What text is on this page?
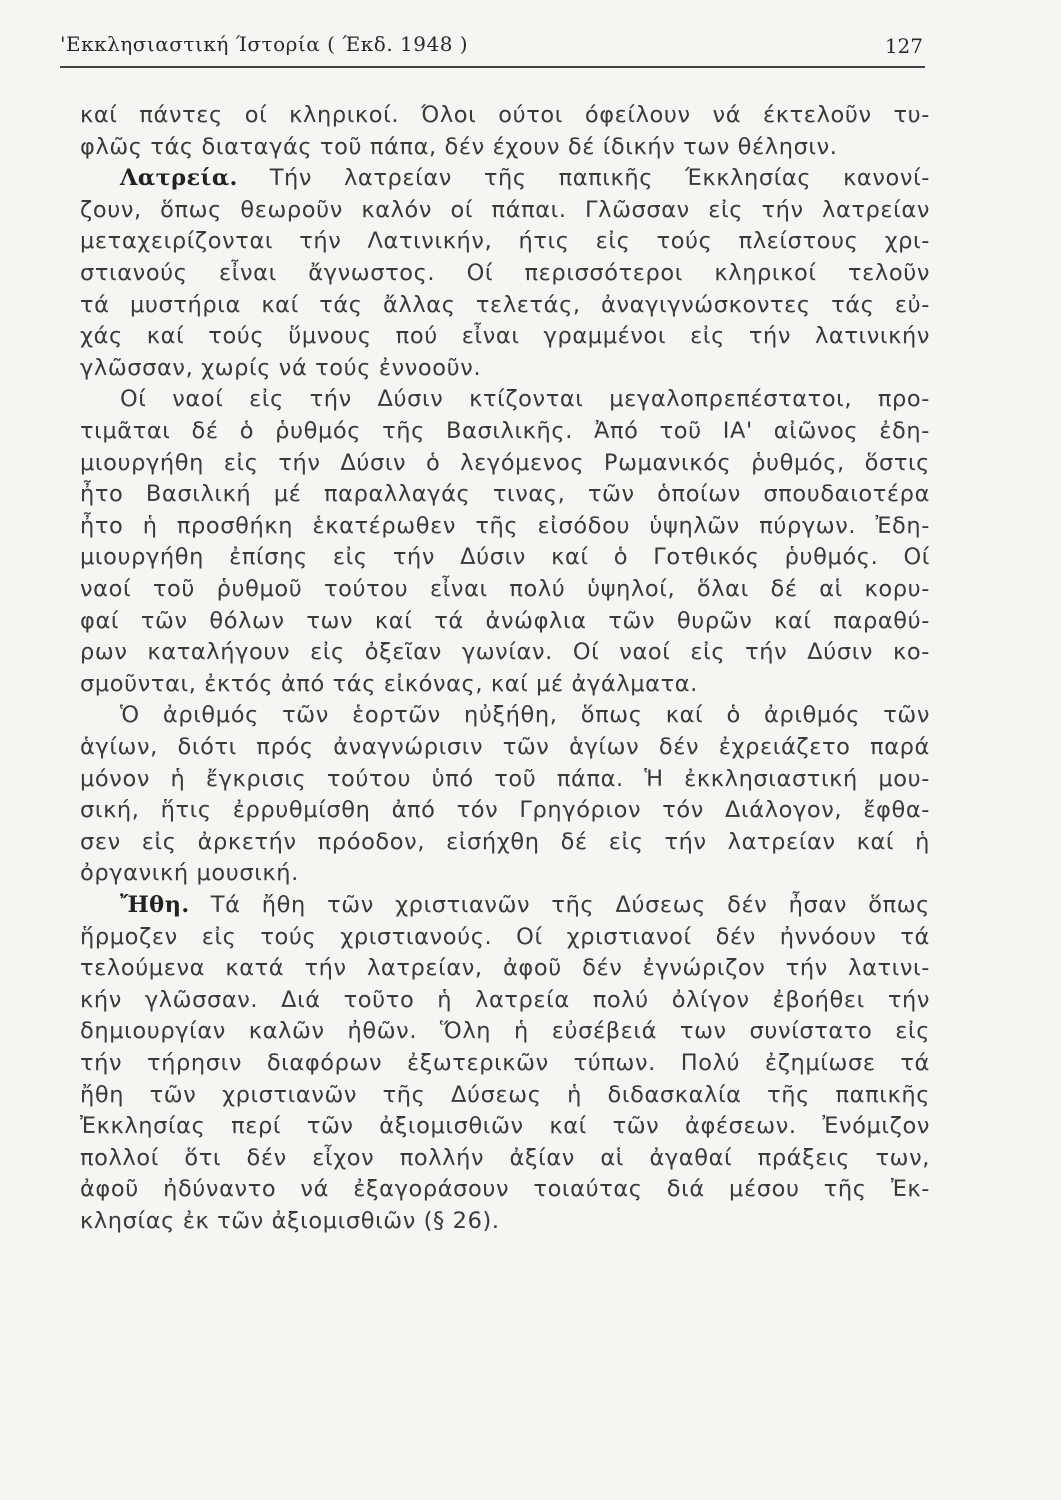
'Εκκλησιαστική Ίστορία ( Έκδ. 1948 )	127
καί πάντες οί κληρικοί. Όλοι ούτοι όφείλουν νά έκτελοῦν τυ-
φλῶς τάς διαταγάς τοῦ πάπα, δέν έχουν δέ ίδικήν των θέλησιν.
Λατρεία. Τήν λατρείαν τῆς παπικῆς Έκκλησίας κανονί-
ζουν, ὅπως θεωροῦν καλόν οί πάπαι. Γλῶσσαν εἰς τήν λατρείαν
μεταχειρίζονται τήν Λατινικήν, ήτις εἰς τούς πλείστους χρι-
στιανούς εἶναι ἄγνωστος. Οί περισσότεροι κληρικοί τελοῦν
τά μυστήρια καί τάς ἄλλας τελετάς, ἀναγιγνώσκοντες τάς εὐ-
χάς καί τούς ὕμνους πού εἶναι γραμμένοι εἰς τήν λατινικήν
γλῶσσαν, χωρίς νά τούς ἐννοοῦν.
Οί ναοί εἰς τήν Δύσιν κτίζονται μεγαλοπρεπέστατοι, προ-
τιμᾶται δέ ὁ ῥυθμός τῆς Βασιλικῆς. Ἀπό τοῦ ΙΑ' αἰῶνος ἐδη-
μιουργήθη εἰς τήν Δύσιν ὁ λεγόμενος Ρωμανικός ῥυθμός, ὅστις
ἦτο Βασιλική μέ παραλλαγάς τινας, τῶν ὁποίων σπουδαιοτέρα
ἦτο ἡ προσθήκη ἑκατέρωθεν τῆς εἰσόδου ὑψηλῶν πύργων. Ἐδη-
μιουργήθη ἐπίσης εἰς τήν Δύσιν καί ὁ Γοτθικός ῥυθμός. Οί
ναοί τοῦ ῥυθμοῦ τούτου εἶναι πολύ ὑψηλοί, ὅλαι δέ αἱ κορυ-
φαί τῶν θόλων των καί τά ἀνώφλια τῶν θυρῶν καί παραθύ-
ρων καταλήγουν εἰς ὀξεῖαν γωνίαν. Οί ναοί εἰς τήν Δύσιν κο-
σμοῦνται, ἐκτός ἀπό τάς εἰκόνας, καί μέ ἀγάλματα.
Ὁ ἀριθμός τῶν ἑορτῶν ηὐξήθη, ὅπως καί ὁ ἀριθμός τῶν
ἁγίων, διότι πρός ἀναγνώρισιν τῶν ἁγίων δέν ἐχρειάζετο παρά
μόνον ἡ ἔγκρισις τούτου ὑπό τοῦ πάπα. Ἡ ἐκκλησιαστική μου-
σική, ἥτις ἐρρυθμίσθη ἀπό τόν Γρηγόριον τόν Διάλογον, ἔφθα-
σεν εἰς ἀρκετήν πρόοδον, εἰσήχθη δέ εἰς τήν λατρείαν καί ἡ
ὀργανική μουσική.
Ἤθη. Τά ἤθη τῶν χριστιανῶν τῆς Δύσεως δέν ἦσαν ὅπως
ἥρμοζεν εἰς τούς χριστιανούς. Οί χριστιανοί δέν ἠννόουν τά
τελούμενα κατά τήν λατρείαν, ἀφοῦ δέν ἐγνώριζον τήν λατινι-
κήν γλῶσσαν. Διά τοῦτο ἡ λατρεία πολύ ὀλίγον ἐβοήθει τήν
δημιουργίαν καλῶν ἠθῶν. Ὅλη ἡ εὐσέβειά των συνίστατο εἰς
τήν τήρησιν διαφόρων ἐξωτερικῶν τύπων. Πολύ ἐζημίωσε τά
ἤθη τῶν χριστιανῶν τῆς Δύσεως ἡ διδασκαλία τῆς παπικῆς
Ἐκκλησίας περί τῶν ἀξιομισθιῶν καί τῶν ἀφέσεων. Ἐνόμιζον
πολλοί ὅτι δέν εἶχον πολλήν ἀξίαν αἱ ἀγαθαί πράξεις των,
ἀφοῦ ἠδύναντο νά ἐξαγοράσουν τοιαύτας διά μέσου τῆς Ἐκ-
κλησίας ἐκ τῶν ἀξιομισθιῶν (§ 26).
